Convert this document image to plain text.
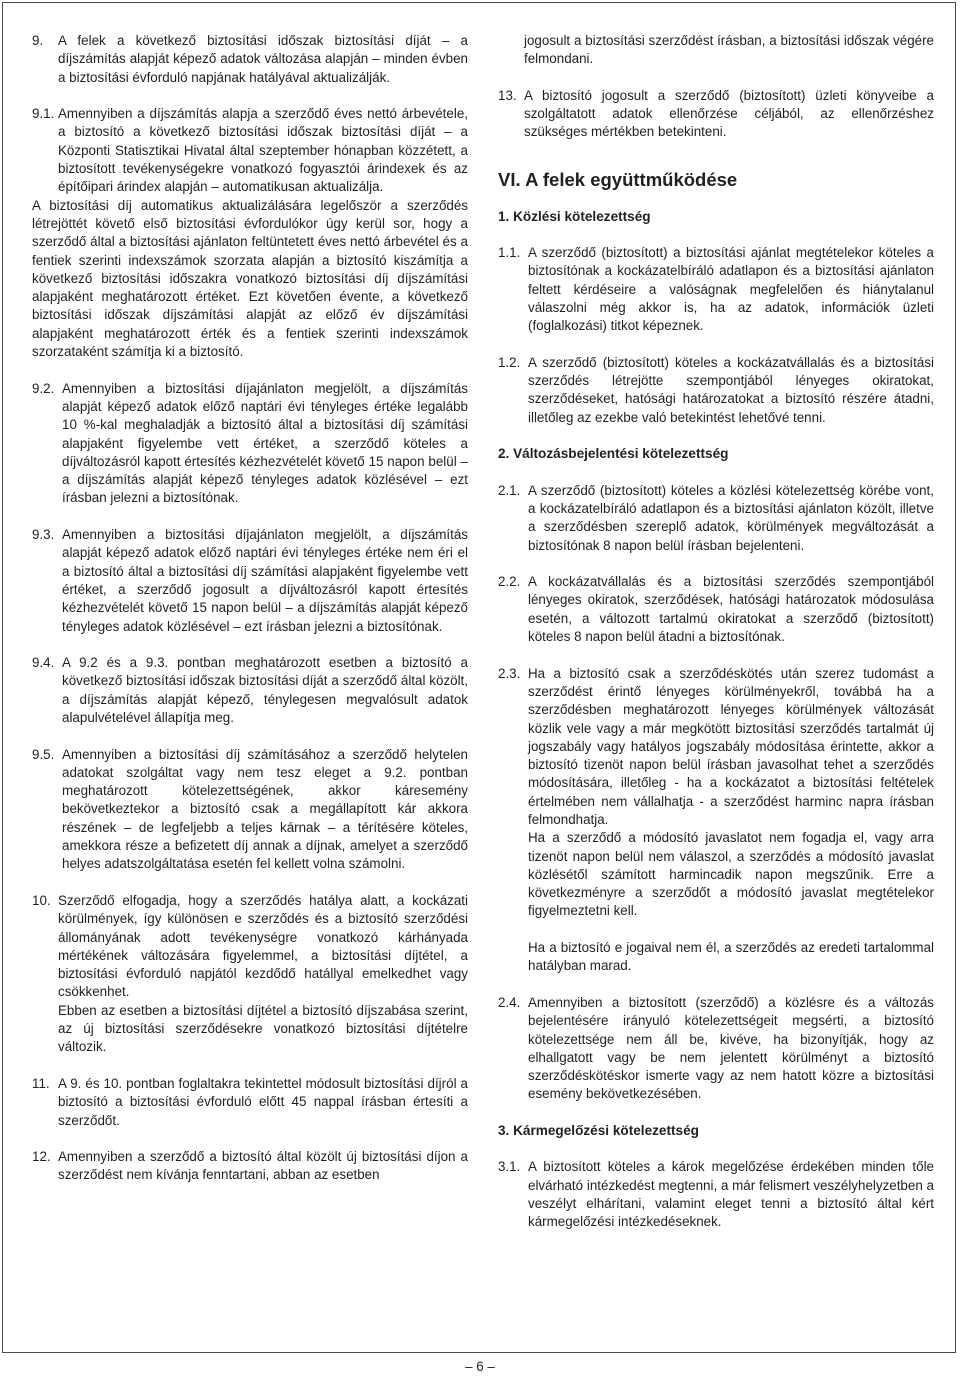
9.	A felek a következő biztosítási időszak biztosítási díját – a díjszámítás alapját képező adatok változása alapján – minden évben a biztosítási évforduló napjának hatályával aktualizálják.
9.1. Amennyiben a díjszámítás alapja a szerződő éves nettó árbevétele, a biztosító a következő biztosítási időszak biztosítási díját – a Központi Statisztikai Hivatal által szeptember hónapban közzétett, a biztosított tevékenységekre vonatkozó fogyasztói árindexek és az építőipari árindex alapján – automatikusan aktualizálja.
A biztosítási díj automatikus aktualizálására legelőször a szerződés létrejöttét követő első biztosítási évfordulókor úgy kerül sor, hogy a szerződő által a biztosítási ajánlaton feltüntetett éves nettó árbevétel és a fentiek szerinti indexszámok szorzata alapján a biztosító kiszámítja a következő biztosítási időszakra vonatkozó biztosítási díj díjszámítási alapjaként meghatározott értéket. Ezt követően évente, a következő biztosítási időszak díjszámítási alapját az előző év díjszámítási alapjaként meghatározott érték és a fentiek szerinti indexszámok szorzataként számítja ki a biztosító.
9.2. Amennyiben a biztosítási díjajánlaton megjelölt, a díjszámítás alapját képező adatok előző naptári évi tényleges értéke legalább 10 %-kal meghaladják a biztosító által a biztosítási díj számítási alapjaként figyelembe vett értéket, a szerződő köteles a díjváltozásról kapott értesítés kézhezvételét követő 15 napon belül – a díjszámítás alapját képező tényleges adatok közlésével – ezt írásban jelezni a biztosítónak.
9.3. Amennyiben a biztosítási díjajánlaton megjelölt, a díjszámítás alapját képező adatok előző naptári évi tényleges értéke nem éri el a biztosító által a biztosítási díj számítási alapjaként figyelembe vett értéket, a szerződő jogosult a díjváltozásról kapott értesítés kézhezvételét követő 15 napon belül – a díjszámítás alapját képező tényleges adatok közlésével – ezt írásban jelezni a biztosítónak.
9.4. A 9.2 és a 9.3. pontban meghatározott esetben a biztosító a következő biztosítási időszak biztosítási díját a szerződő által közölt, a díjszámítás alapját képező, ténylegesen megvalósult adatok alapulvételével állapítja meg.
9.5. Amennyiben a biztosítási díj számításához a szerződő helytelen adatokat szolgáltat vagy nem tesz eleget a 9.2. pontban meghatározott kötelezettségének, akkor káresemény bekövetkeztekor a biztosító csak a megállapított kár akkora részének – de legfeljebb a teljes kárnak – a térítésére köteles, amekkora része a befizetett díj annak a díjnak, amelyet a szerződő helyes adatszolgáltatása esetén fel kellett volna számolni.
10. Szerződő elfogadja, hogy a szerződés hatálya alatt, a kockázati körülmények, így különösen e szerződés és a biztosító szerződési állományának adott tevékenységre vonatkozó kárhányada mértékének változására figyelemmel, a biztosítási díjtétel, a biztosítási évforduló napjától kezdődő hatállyal emelkedhet vagy csökkenhet.
Ebben az esetben a biztosítási díjtétel a biztosító díjszabása szerint, az új biztosítási szerződésekre vonatkozó biztosítási díjtételre változik.
11. A 9. és 10. pontban foglaltakra tekintettel módosult biztosítási díjról a biztosító a biztosítási évforduló előtt 45 nappal írásban értesíti a szerződőt.
12. Amennyiben a szerződő a biztosító által közölt új biztosítási díjon a szerződést nem kívánja fenntartani, abban az esetben
jogosult a biztosítási szerződést írásban, a biztosítási időszak végére felmondani.
13. A biztosító jogosult a szerződő (biztosított) üzleti könyveibe a szolgáltatott adatok ellenőrzése céljából, az ellenőrzéshez szükséges mértékben betekinteni.
VI. A felek együttműködése
1. Közlési kötelezettség
1.1. A szerződő (biztosított) a biztosítási ajánlat megtételekor köteles a biztosítónak a kockázatelbíráló adatlapon és a biztosítási ajánlaton feltett kérdéseire a valóságnak megfelelően és hiánytalanul válaszolni még akkor is, ha az adatok, információk üzleti (foglalkozási) titkot képeznek.
1.2. A szerződő (biztosított) köteles a kockázatvállalás és a biztosítási szerződés létrejötte szempontjából lényeges okiratokat, szerződéseket, hatósági határozatokat a biztosító részére átadni, illetőleg az ezekbe való betekintést lehetővé tenni.
2. Változásbejelentési kötelezettség
2.1. A szerződő (biztosított) köteles a közlési kötelezettség körébe vont, a kockázatelbíráló adatlapon és a biztosítási ajánlaton közölt, illetve a szerződésben szereplő adatok, körülmények megváltozását a biztosítónak 8 napon belül írásban bejelenteni.
2.2. A kockázatvállalás és a biztosítási szerződés szempontjából lényeges okiratok, szerződések, hatósági határozatok módosulása esetén, a változott tartalmú okiratokat a szerződő (biztosított) köteles 8 napon belül átadni a biztosítónak.
2.3. Ha a biztosító csak a szerződéskötés után szerez tudomást a szerződést érintő lényeges körülményekről, továbbá ha a szerződésben meghatározott lényeges körülmények változását közlik vele vagy a már megkötött biztosítási szerződés tartalmát új jogszabály vagy hatályos jogszabály módosítása érintette, akkor a biztosító tizenöt napon belül írásban javasolhat tehet a szerződés módosítására, illetőleg - ha a kockázatot a biztosítási feltételek értelmében nem vállalhatja - a szerződést harminc napra írásban felmondhatja.
Ha a szerződő a módosító javaslatot nem fogadja el, vagy arra tizenöt napon belül nem válaszol, a szerződés a módosító javaslat közlésétől számított harmincadik napon megszűnik. Erre a következményre a szerződőt a módosító javaslat megtételekor figyelmeztetni kell.
Ha a biztosító e jogaival nem él, a szerződés az eredeti tartalommal hatályban marad.
2.4. Amennyiben a biztosított (szerződő) a közlésre és a változás bejelentésére irányuló kötelezettségeit megsérti, a biztosító kötelezettsége nem áll be, kivéve, ha bizonyítják, hogy az elhallgatott vagy be nem jelentett körülményt a biztosító szerződéskötéskor ismerte vagy az nem hatott közre a biztosítási esemény bekövetkezésében.
3. Kármegelőzési kötelezettség
3.1. A biztosított köteles a károk megelőzése érdekében minden tőle elvárható intézkedést megtenni, a már felismert veszélyhelyzetben a veszélyt elhárítani, valamint eleget tenni a biztosító által kért kármegelőzési intézkedéseknek.
– 6 –
